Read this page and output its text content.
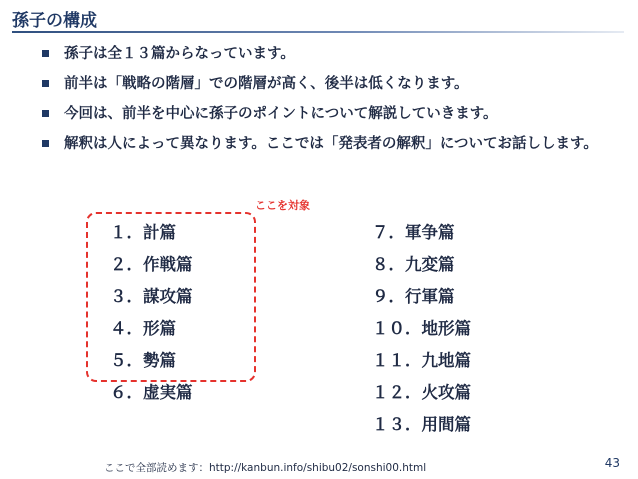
孫子の構成
孫子は全１３篇からなっています。
前半は「戦略の階層」での階層が高く、後半は低くなります。
今回は、前半を中心に孫子のポイントについて解説していきます。
解釈は人によって異なります。ここでは「発表者の解釈」についてお話しします。
ここを対象
１．計篇
２．作戦篇
３．謀攻篇
４．形篇
５．勢篇
６．虚実篇
７．軍争篇
８．九変篇
９．行軍篇
１０．地形篇
１１．九地篇
１２．火攻篇
１３．用間篇
ここで全部読めます：http://kanbun.info/shibu02/sonshi00.html	43
